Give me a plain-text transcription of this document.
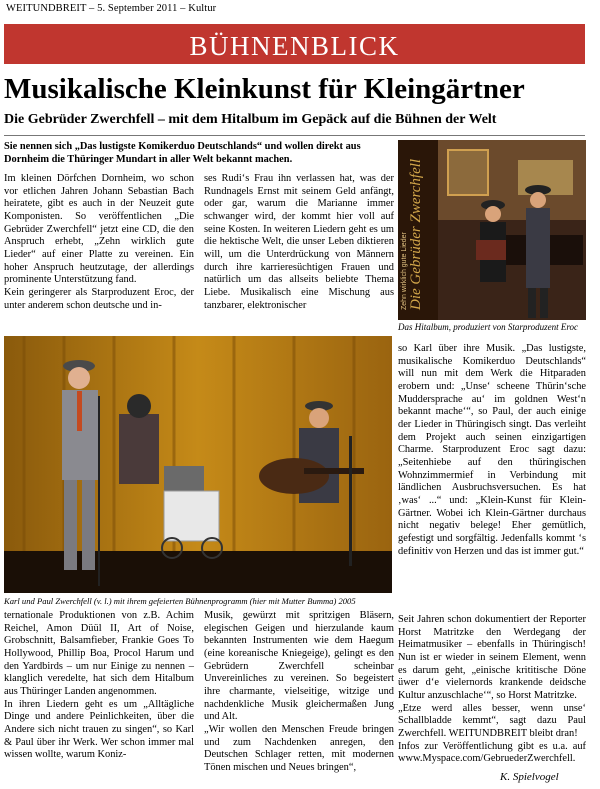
WEITUNDBREIT – 5. September 2011 – Kultur
BÜHNENBLICK
Musikalische Kleinkunst für Kleingärtner
Die Gebrüder Zwerchfell – mit dem Hitalbum im Gepäck auf die Bühnen der Welt
Sie nennen sich „Das lustigste Komikerduo Deutschlands“ und wollen direkt aus Dornheim die Thüringer Mundart in aller Welt bekannt machen.

Im kleinen Dörfchen Dornheim, wo schon vor etlichen Jahren Johann Sebastian Bach heiratete, gibt es auch in der Neuzeit gute Komponisten. So veröffentlichen „Die Gebrüder Zwerchfell“ jetzt eine CD, die den Anspruch erhebt, „Zehn wirklich gute Lieder“ auf einer Platte zu vereinen. Ein hoher Anspruch heutzutage, der allerdings prominente Unterstützung fand.

Kein geringerer als Starproduzent Eroc, der unter anderem schon deutsche und in-

ses Rudi‘s Frau ihn verlassen hat, was der Rundnagels Ernst mit seinem Geld anfängt, oder gar, warum die Marianne immer schwanger wird, der kommt hier voll auf seine Kosten. In weiteren Liedern geht es um die hektische Welt, die unser Leben diktieren will, um die Unterdrückung von Männern durch ihre karrieresüchtigen Frauen und natürlich um das allseits beliebte Thema Liebe. Musikalisch eine Mischung aus tanzbarer, elektronischer	Die Gebrüder Zwerchfell
Zehn wirklich gute Lieder
Das Hitalbum, produziert von Starproduzent Eroc
Karl und Paul Zwerchfell (v. l.) mit ihrem gefeierten Bühnenprogramm (hier mit Mutter Bumma) 2005

so Karl über ihre Musik. „Das lustigste, musikalische Komikerduo Deutschlands“ will nun mit dem Werk die Hitparaden erobern und: „Unse‘ scheene Thürin‘sche Muddersprache au‘ im goldnen West‘n bekannt mache‘“, so Paul, der auch einige der Lieder in Thüringisch singt. Das verleiht dem Projekt auch seinen einzigartigen Charme. Starproduzent Eroc sagt dazu: „Seitenhiebe auf den thüringischen Wohnzimmermief in Verbindung mit ländlichen Ausbruchsversuchen. Es hat ‚was‘ ...“ und: „Klein-Kunst für Klein-Gärtner. Wobei ich Klein-Gärtner durchaus nicht negativ belege! Eher gemütlich, gefestigt und sorgfältig. Jedenfalls kommt ‘s definitiv von Herzen und das ist immer gut.“

ternationale Produktionen von z.B. Achim Reichel, Amon Düül II, Art of Noise, Grobschnitt, Balsamfieber, Frankie Goes To Hollywood, Phillip Boa, Procol Harum und den Yardbirds – um nur Einige zu nennen – klanglich veredelte, hat sich dem Hitalbum aus Thüringer Landen angenommen.

In ihren Liedern geht es um „Alltägliche Dinge und andere Peinlichkeiten, über die Andere sich nicht trauen zu singen“, so Karl & Paul über ihr Werk. Wer schon immer mal wissen wollte, warum Koniz-

Musik, gewürzt mit spritzigen Bläsern, elegischen Geigen und hierzulande kaum bekannten Instrumenten wie dem Haegum (eine koreanische Kniegeige), gelingt es den Gebrüdern Zwerchfell scheinbar Unvereinliches zu vereinen. So begeistert ihre charmante, vielseitige, witzige und nachdenkliche Musik gleichermaßen Jung und Alt.

„Wir wollen den Menschen Freude bringen und zum Nachdenken anregen, den Deutschen Schlager retten, mit modernen Tönen mischen und Neues bringen“,

Seit Jahren schon dokumentiert der Reporter Horst Matritzke den Werdegang der Heimatmusiker – ebenfalls in Thüringisch! Nun ist er wieder in seinem Element, wenn es darum geht, „einische krititische Döne üwer d‘e vielernords krankende deidsche Kultur anzuschlache‘“, so Horst Matritzke.

„Etze werd alles besser, wenn unse‘ Schallbladde kemmt“, sagt dazu Paul Zwerchfell. WEITUNDBREIT bleibt dran!

Infos zur Veröffentlichung gibt es u.a. auf www.Myspace.com/GebruederZwerchfell.

K. Spielvogel
